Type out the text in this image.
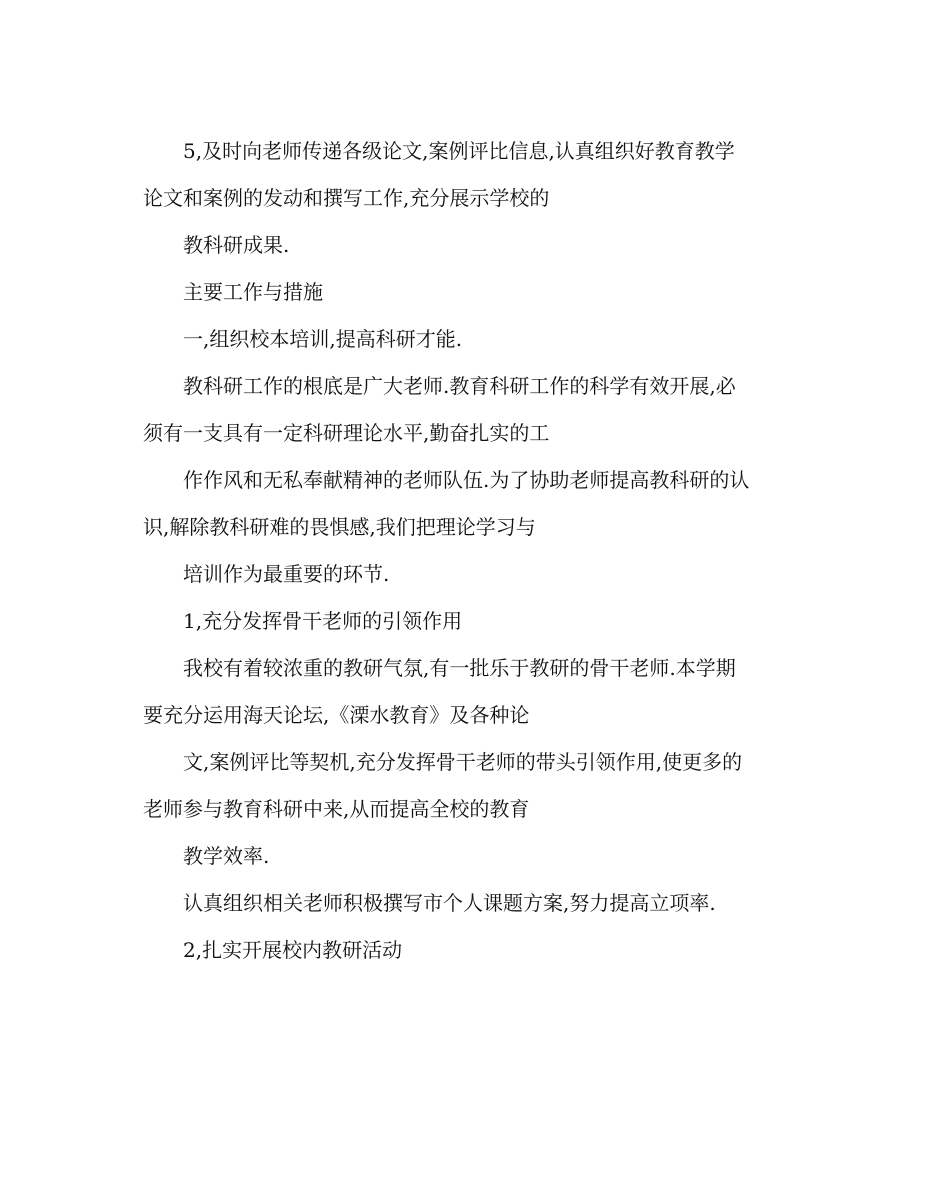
5,及时向老师传递各级论文,案例评比信息,认真组织好教育教学
论文和案例的发动和撰写工作,充分展示学校的

教科研成果.

主要工作与措施

一,组织校本培训,提高科研才能.

教科研工作的根底是广大老师.教育科研工作的科学有效开展,必
须有一支具有一定科研理论水平,勤奋扎实的工

作作风和无私奉献精神的老师队伍.为了协助老师提高教科研的认
识,解除教科研难的畏惧感,我们把理论学习与

培训作为最重要的环节.

1,充分发挥骨干老师的引领作用

我校有着较浓重的教研气氛,有一批乐于教研的骨干老师.本学期
要充分运用海天论坛,《溧水教育》及各种论

文,案例评比等契机,充分发挥骨干老师的带头引领作用,使更多的
老师参与教育科研中来,从而提高全校的教育

教学效率.

认真组织相关老师积极撰写市个人课题方案,努力提高立项率.

2,扎实开展校内教研活动
